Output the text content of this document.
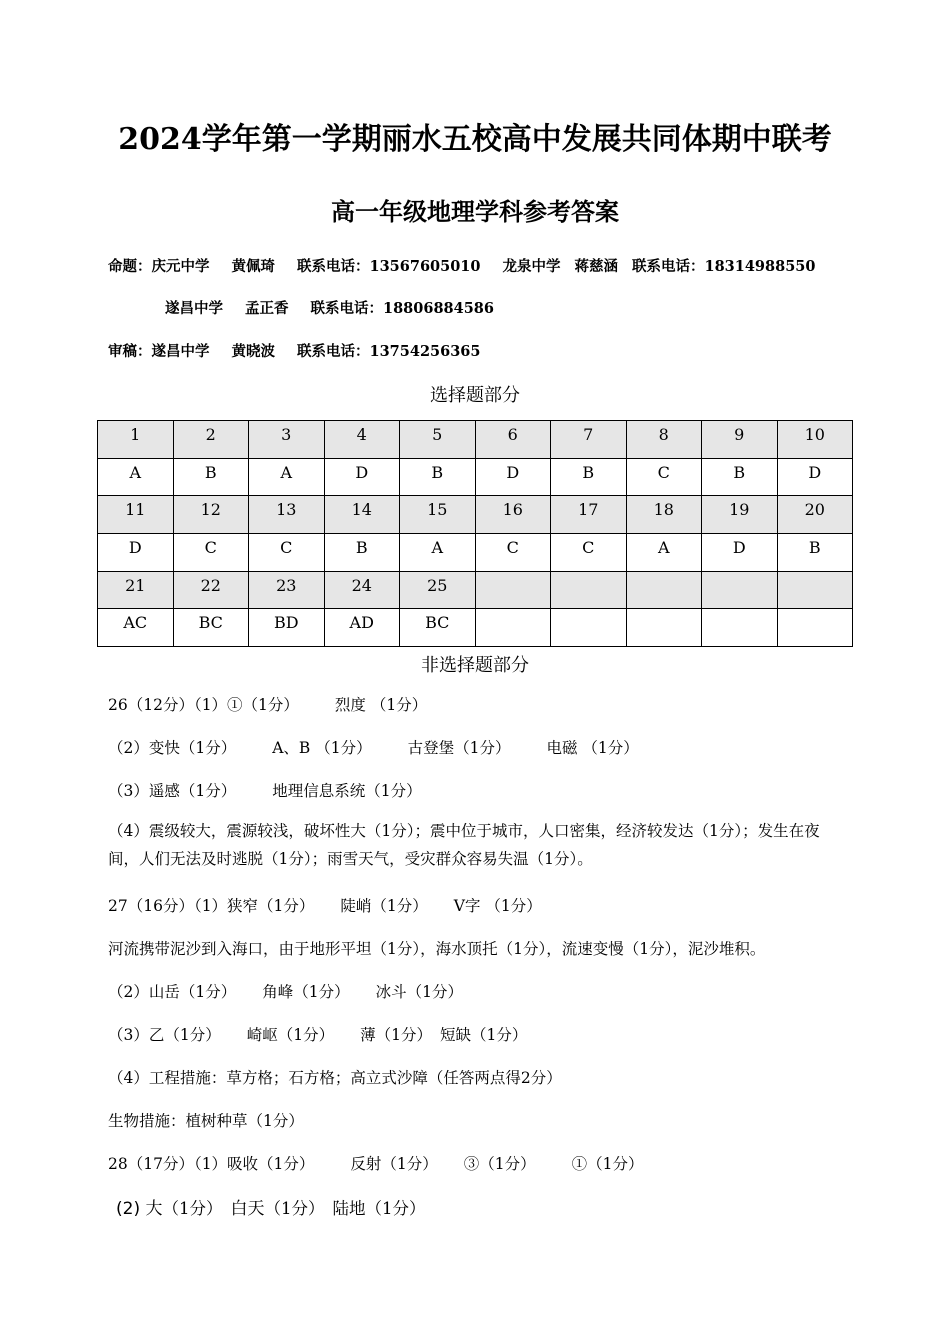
2024学年第一学期丽水五校高中发展共同体期中联考
高一年级地理学科参考答案
命题：庆元中学 黄佩琦 联系电话：13567605010 龙泉中学 蒋慈涵 联系电话：18314988550
遂昌中学 孟正香 联系电话：18806884586
审稿：遂昌中学 黄晓波 联系电话：13754256365
选择题部分
1	2	3	4	5	6	7	8	9	10
A	B	A	D	B	D	B	C	B	D
11	12	13	14	15	16	17	18	19	20
D	C	C	B	A	C	C	A	D	B
21	22	23	24	25					
AC	BC	BD	AD	BC					
非选择题部分
26（12分）（1）①（1分） 烈度 （1分）
（2）变快（1分） A、B （1分） 古登堡（1分） 电磁 （1分）
（3）遥感（1分） 地理信息系统（1分）
（4）震级较大，震源较浅，破坏性大（1分）；震中位于城市，人口密集，经济较发达（1分）；发生在夜间，人们无法及时逃脱（1分）；雨雪天气，受灾群众容易失温（1分）。
27（16分）（1）狭窄（1分） 陡峭（1分） V字 （1分）
河流携带泥沙到入海口，由于地形平坦（1分），海水顶托（1分），流速变慢（1分），泥沙堆积。
（2）山岳（1分） 角峰（1分） 冰斗（1分）
（3）乙（1分） 崎岖（1分） 薄（1分） 短缺（1分）
（4）工程措施：草方格；石方格；高立式沙障（任答两点得2分）
生物措施：植树种草（1分）
28（17分）（1）吸收（1分） 反射（1分） ③（1分） ①（1分）
(2) 大（1分） 白天（1分） 陆地（1分）
